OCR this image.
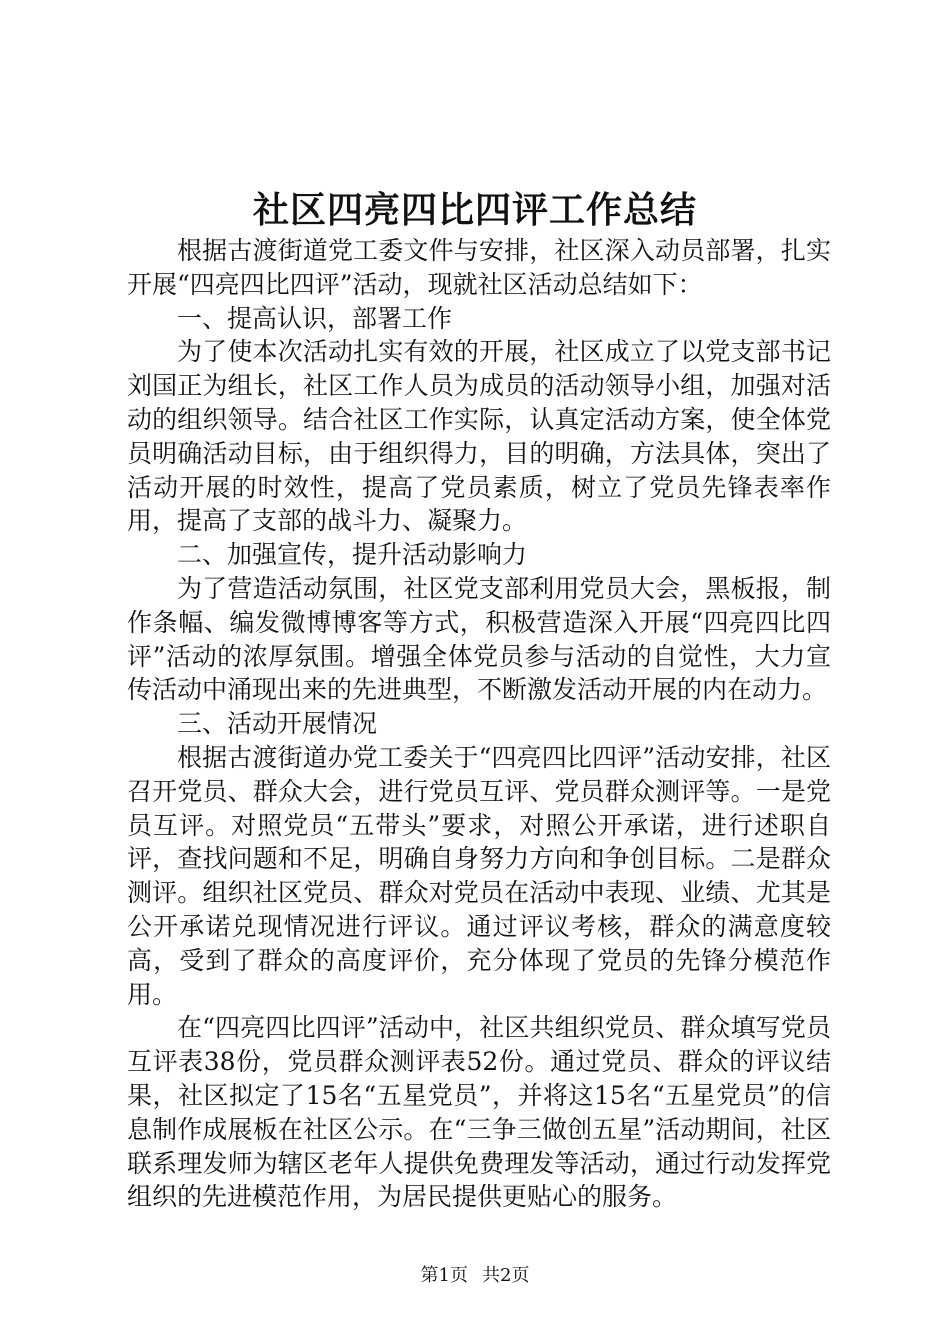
社区四亮四比四评工作总结

根据古渡街道党工委文件与安排，社区深入动员部署，扎实开展“四亮四比四评”活动，现就社区活动总结如下：

一、提高认识，部署工作

为了使本次活动扎实有效的开展，社区成立了以党支部书记刘国正为组长，社区工作人员为成员的活动领导小组，加强对活动的组织领导。结合社区工作实际，认真定活动方案，使全体党员明确活动目标，由于组织得力，目的明确，方法具体，突出了活动开展的时效性，提高了党员素质，树立了党员先锋表率作用，提高了支部的战斗力、凝聚力。

二、加强宣传，提升活动影响力

为了营造活动氛围，社区党支部利用党员大会，黑板报，制作条幅、编发微博博客等方式，积极营造深入开展“四亮四比四评”活动的浓厚氛围。增强全体党员参与活动的自觉性，大力宣传活动中涌现出来的先进典型，不断激发活动开展的内在动力。

三、活动开展情况

根据古渡街道办党工委关于“四亮四比四评”活动安排，社区召开党员、群众大会，进行党员互评、党员群众测评等。一是党员互评。对照党员“五带头”要求，对照公开承诺，进行述职自评，查找问题和不足，明确自身努力方向和争创目标。二是群众测评。组织社区党员、群众对党员在活动中表现、业绩、尤其是公开承诺兑现情况进行评议。通过评议考核，群众的满意度较高，受到了群众的高度评价，充分体现了党员的先锋分模范作用。

在“四亮四比四评”活动中，社区共组织党员、群众填写党员互评表38份，党员群众测评表52份。通过党员、群众的评议结果，社区拟定了15名“五星党员”，并将这15名“五星党员”的信息制作成展板在社区公示。在“三争三做创五星”活动期间，社区联系理发师为辖区老年人提供免费理发等活动，通过行动发挥党组织的先进模范作用，为居民提供更贴心的服务。

第1页 共2页
